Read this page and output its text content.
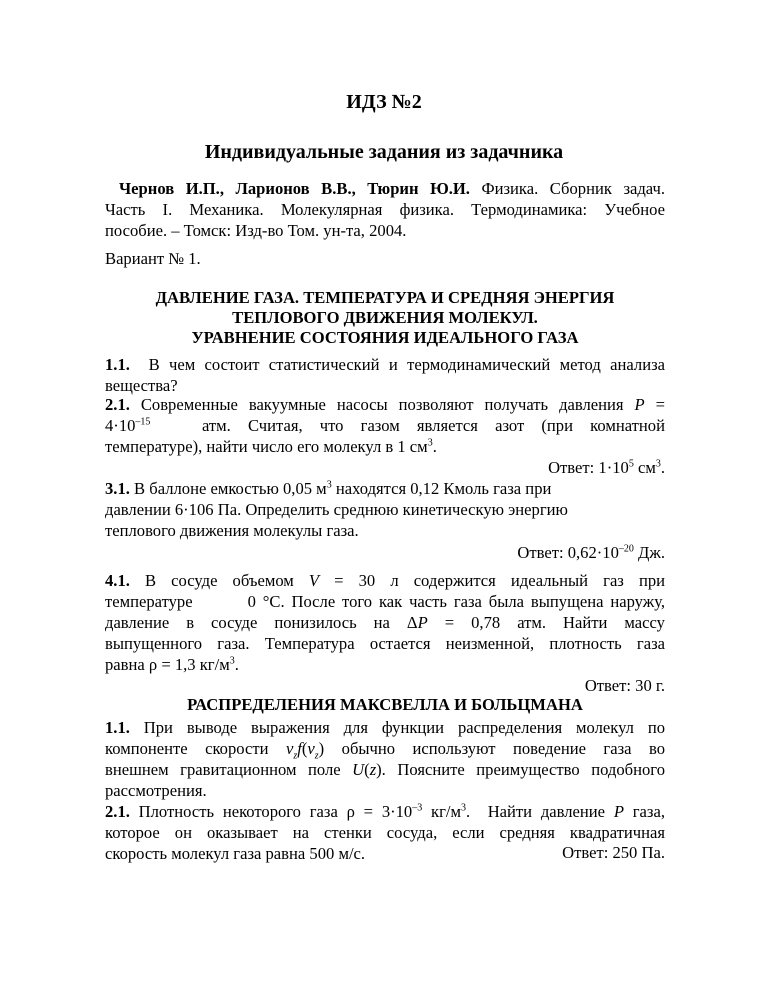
ИДЗ №2
Индивидуальные задания из задачника
Чернов И.П., Ларионов В.В., Тюрин Ю.И. Физика. Сборник задач.
Часть I. Механика. Молекулярная физика. Термодинамика: Учебное
пособие. – Томск: Изд-во Том. ун-та, 2004.
Вариант № 1.
ДАВЛЕНИЕ ГАЗА. ТЕМПЕРАТУРА И СРЕДНЯЯ ЭНЕРГИЯ
ТЕПЛОВОГО ДВИЖЕНИЯ МОЛЕКУЛ.
УРАВНЕНИЕ СОСТОЯНИЯ ИДЕАЛЬНОГО ГАЗА
1.1. В чем состоит статистический и термодинамический метод анализа
вещества?
2.1. Современные вакуумные насосы позволяют получать давления P =
$4\cdot 10^{-15}$	атм. Считая, что газом является азот (при комнатной
температуре), найти число его молекул в 1 $см^3$.
Ответ: $1\cdot 10^5$ $см^3$.
3.1. В баллоне емкостью 0,05 $м^3$ находятся 0,12 Кмоль газа при
давлении 6·106 Па. Определить среднюю кинетическую энергию
теплового движения молекулы газа.
Ответ: $0,62\cdot 10^{-20}$ Дж.
4.1. В сосуде объемом V = 30 л содержится идеальный газ при
температуре        0 °С. После того как часть газа была выпущена наружу,
давление в сосуде понизилось на ΔP = 0,78 атм. Найти массу
выпущенного газа. Температура остается неизменной, плотность газа
равна ρ = 1,3 $кг/м^3$.
Ответ: 30 г.
РАСПРЕДЕЛЕНИЯ МАКСВЕЛЛА И БОЛЬЦМАНА
1.1. При выводе выражения для функции распределения молекул по
компоненте скорости $v_zf(v_z)$ обычно используют поведение газа во
внешнем гравитационном поле U(z). Поясните преимущество подобного
рассмотрения.
2.1. Плотность некоторого газа $\rho = 3\cdot 10^{-3}$ $кг/м^3$.  Найти давление P газа,
которое он оказывает на стенки сосуда, если средняя квадратичная
скорость молекул газа равна 500 м/с.	Ответ: 250 Па.
